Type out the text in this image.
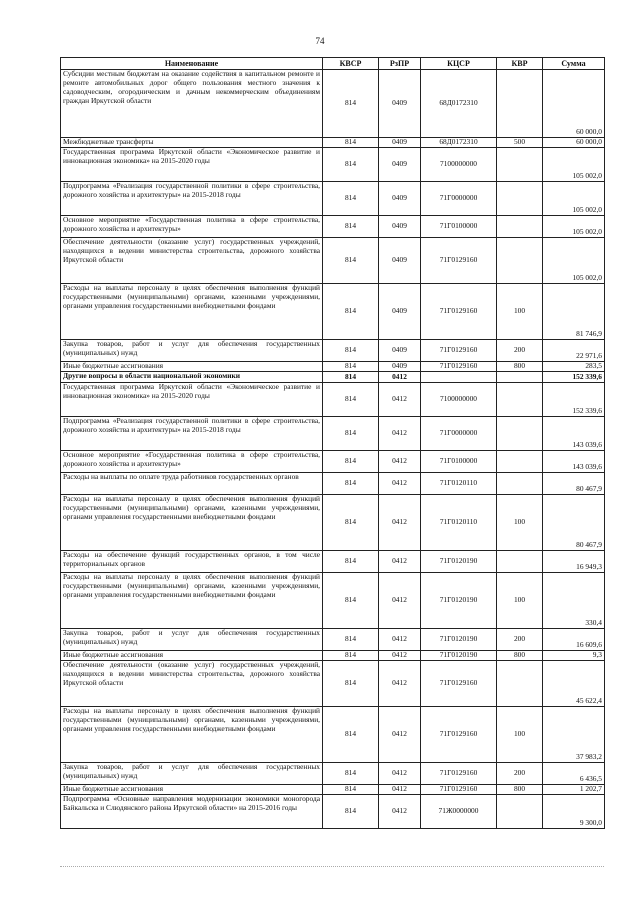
74
Наименование	КВСР	РзПР	КЦСР	КВР	Сумма
Субсидии местным бюджетам на оказание содействия в капитальном ремонте и ремонте автомобильных дорог общего пользования местного значения к садоводческим, огородническим и дачным некоммерческим объединениям граждан Иркутской области	814	0409	68Д0172310		60 000,0
Межбюджетные трансферты	814	0409	68Д0172310	500	60 000,0
Государственная программа Иркутской области «Экономическое развитие и инновационная экономика» на 2015-2020 годы	814	0409	7100000000		105 002,0
Подпрограмма «Реализация государственной политики в сфере строительства, дорожного хозяйства и архитектуры» на 2015-2018 годы	814	0409	71Г0000000		105 002,0
Основное мероприятие «Государственная политика в сфере строительства, дорожного хозяйства и архитектуры»	814	0409	71Г0100000		105 002,0
Обеспечение деятельности (оказание услуг) государственных учреждений, находящихся в ведении министерства строительства, дорожного хозяйства Иркутской области	814	0409	71Г0129160		105 002,0
Расходы на выплаты персоналу в целях обеспечения выполнения функций государственными (муниципальными) органами, казенными учреждениями, органами управления государственными внебюджетными фондами	814	0409	71Г0129160	100	81 746,9
Закупка товаров, работ и услуг для обеспечения государственных (муниципальных) нужд	814	0409	71Г0129160	200	22 971,6
Иные бюджетные ассигнования	814	0409	71Г0129160	800	283,5
Другие вопросы в области национальной экономики	814	0412			152 339,6
Государственная программа Иркутской области «Экономическое развитие и инновационная экономика» на 2015-2020 годы	814	0412	7100000000		152 339,6
Подпрограмма «Реализация государственной политики в сфере строительства, дорожного хозяйства и архитектуры» на 2015-2018 годы	814	0412	71Г0000000		143 039,6
Основное мероприятие «Государственная политика в сфере строительства, дорожного хозяйства и архитектуры»	814	0412	71Г0100000		143 039,6
Расходы на выплаты по оплате труда работников государственных органов	814	0412	71Г0120110		80 467,9
Расходы на выплаты персоналу в целях обеспечения выполнения функций государственными (муниципальными) органами, казенными учреждениями, органами управления государственными внебюджетными фондами	814	0412	71Г0120110	100	80 467,9
Расходы на обеспечение функций государственных органов, в том числе территориальных органов	814	0412	71Г0120190		16 949,3
Расходы на выплаты персоналу в целях обеспечения выполнения функций государственными (муниципальными) органами, казенными учреждениями, органами управления государственными внебюджетными фондами	814	0412	71Г0120190	100	330,4
Закупка товаров, работ и услуг для обеспечения государственных (муниципальных) нужд	814	0412	71Г0120190	200	16 609,6
Иные бюджетные ассигнования	814	0412	71Г0120190	800	9,3
Обеспечение деятельности (оказание услуг) государственных учреждений, находящихся в ведении министерства строительства, дорожного хозяйства Иркутской области	814	0412	71Г0129160		45 622,4
Расходы на выплаты персоналу в целях обеспечения выполнения функций государственными (муниципальными) органами, казенными учреждениями, органами управления государственными внебюджетными фондами	814	0412	71Г0129160	100	37 983,2
Закупка товаров, работ и услуг для обеспечения государственных (муниципальных) нужд	814	0412	71Г0129160	200	6 436,5
Иные бюджетные ассигнования	814	0412	71Г0129160	800	1 202,7
Подпрограмма «Основные направления модернизации экономики моногорода Байкальска и Слюдянского района Иркутской области» на 2015-2016 годы	814	0412	71Ж0000000		9 300,0
